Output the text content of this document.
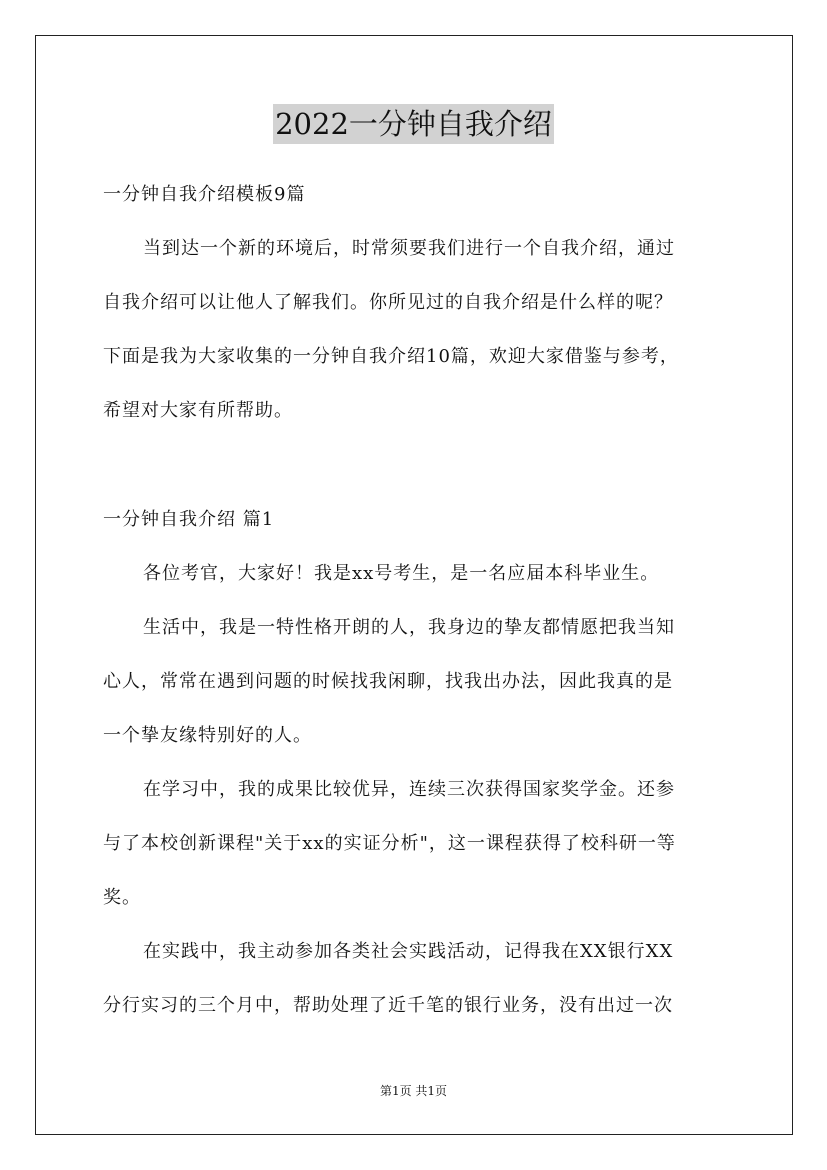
2022一分钟自我介绍
一分钟自我介绍模板9篇
当到达一个新的环境后，时常须要我们进行一个自我介绍，通过
自我介绍可以让他人了解我们。你所见过的自我介绍是什么样的呢？
下面是我为大家收集的一分钟自我介绍10篇，欢迎大家借鉴与参考，
希望对大家有所帮助。
一分钟自我介绍 篇1
各位考官，大家好！我是xx号考生，是一名应届本科毕业生。
生活中，我是一特性格开朗的人，我身边的挚友都情愿把我当知
心人，常常在遇到问题的时候找我闲聊，找我出办法，因此我真的是
一个挚友缘特别好的人。
在学习中，我的成果比较优异，连续三次获得国家奖学金。还参
与了本校创新课程"关于xx的实证分析"，这一课程获得了校科研一等
奖。
在实践中，我主动参加各类社会实践活动，记得我在XX银行XX
分行实习的三个月中，帮助处理了近千笔的银行业务，没有出过一次
第1页 共1页
